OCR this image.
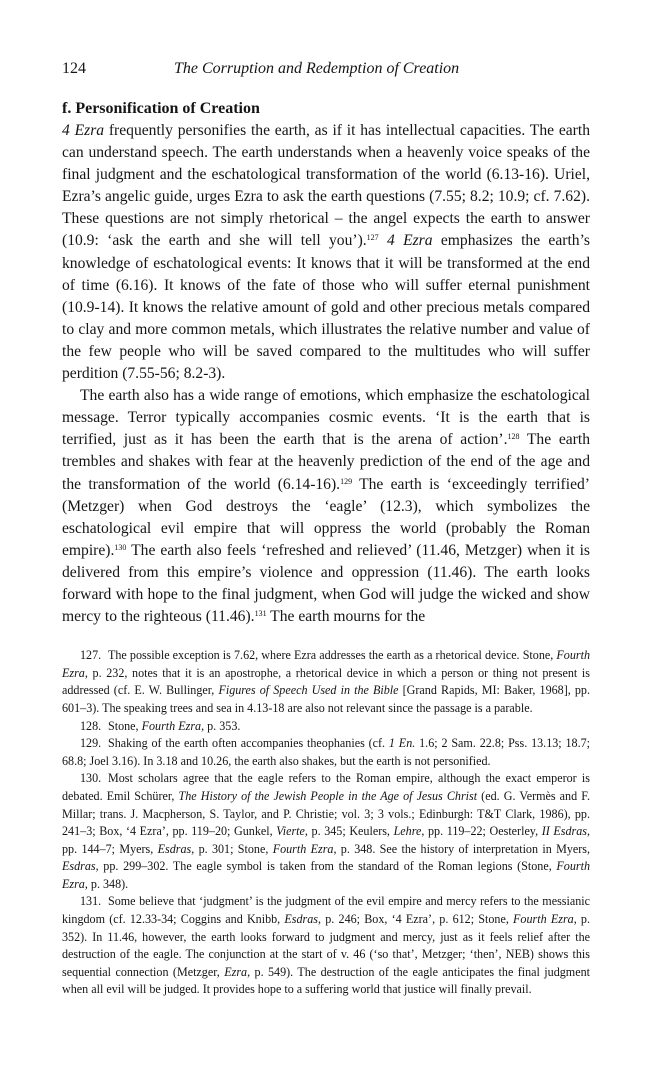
124	The Corruption and Redemption of Creation
f. Personification of Creation

4 Ezra frequently personifies the earth, as if it has intellectual capacities. The earth can understand speech. The earth understands when a heavenly voice speaks of the final judgment and the eschatological transformation of the world (6.13-16). Uriel, Ezra’s angelic guide, urges Ezra to ask the earth questions (7.55; 8.2; 10.9; cf. 7.62). These questions are not simply rhetorical – the angel expects the earth to answer (10.9: ‘ask the earth and she will tell you’).$^{127}$ 4 Ezra emphasizes the earth’s knowledge of eschatological events: It knows that it will be transformed at the end of time (6.16). It knows of the fate of those who will suffer eternal punishment (10.9-14). It knows the relative amount of gold and other precious metals compared to clay and more common metals, which illustrates the relative number and value of the few people who will be saved compared to the multitudes who will suffer perdition (7.55-56; 8.2-3).

The earth also has a wide range of emotions, which emphasize the eschatological message. Terror typically accompanies cosmic events. ‘It is the earth that is terrified, just as it has been the earth that is the arena of action’.$^{128}$ The earth trembles and shakes with fear at the heavenly prediction of the end of the age and the transformation of the world (6.14-16).$^{129}$ The earth is ‘exceedingly terrified’ (Metzger) when God destroys the ‘eagle’ (12.3), which symbolizes the eschatological evil empire that will oppress the world (probably the Roman empire).$^{130}$ The earth also feels ‘refreshed and relieved’ (11.46, Metzger) when it is delivered from this empire’s violence and oppression (11.46). The earth looks forward with hope to the final judgment, when God will judge the wicked and show mercy to the righteous (11.46).$^{131}$ The earth mourns for the

127. The possible exception is 7.62, where Ezra addresses the earth as a rhetorical device. Stone, Fourth Ezra, p. 232, notes that it is an apostrophe, a rhetorical device in which a person or thing not present is addressed (cf. E. W. Bullinger, Figures of Speech Used in the Bible [Grand Rapids, MI: Baker, 1968], pp. 601–3). The speaking trees and sea in 4.13-18 are also not relevant since the passage is a parable.

128. Stone, Fourth Ezra, p. 353.

129. Shaking of the earth often accompanies theophanies (cf. 1 En. 1.6; 2 Sam. 22.8; Pss. 13.13; 18.7; 68.8; Joel 3.16). In 3.18 and 10.26, the earth also shakes, but the earth is not personified.

130. Most scholars agree that the eagle refers to the Roman empire, although the exact emperor is debated. Emil Schürer, The History of the Jewish People in the Age of Jesus Christ (ed. G. Vermès and F. Millar; trans. J. Macpherson, S. Taylor, and P. Christie; vol. 3; 3 vols.; Edinburgh: T&T Clark, 1986), pp. 241–3; Box, ‘4 Ezra’, pp. 119–20; Gunkel, Vierte, p. 345; Keulers, Lehre, pp. 119–22; Oesterley, II Esdras, pp. 144–7; Myers, Esdras, p. 301; Stone, Fourth Ezra, p. 348. See the history of interpretation in Myers, Esdras, pp. 299–302. The eagle symbol is taken from the standard of the Roman legions (Stone, Fourth Ezra, p. 348).

131. Some believe that ‘judgment’ is the judgment of the evil empire and mercy refers to the messianic kingdom (cf. 12.33-34; Coggins and Knibb, Esdras, p. 246; Box, ‘4 Ezra’, p. 612; Stone, Fourth Ezra, p. 352). In 11.46, however, the earth looks forward to judgment and mercy, just as it feels relief after the destruction of the eagle. The conjunction at the start of v. 46 (‘so that’, Metzger; ‘then’, NEB) shows this sequential connection (Metzger, Ezra, p. 549). The destruction of the eagle anticipates the final judgment when all evil will be judged. It provides hope to a suffering world that justice will finally prevail.
